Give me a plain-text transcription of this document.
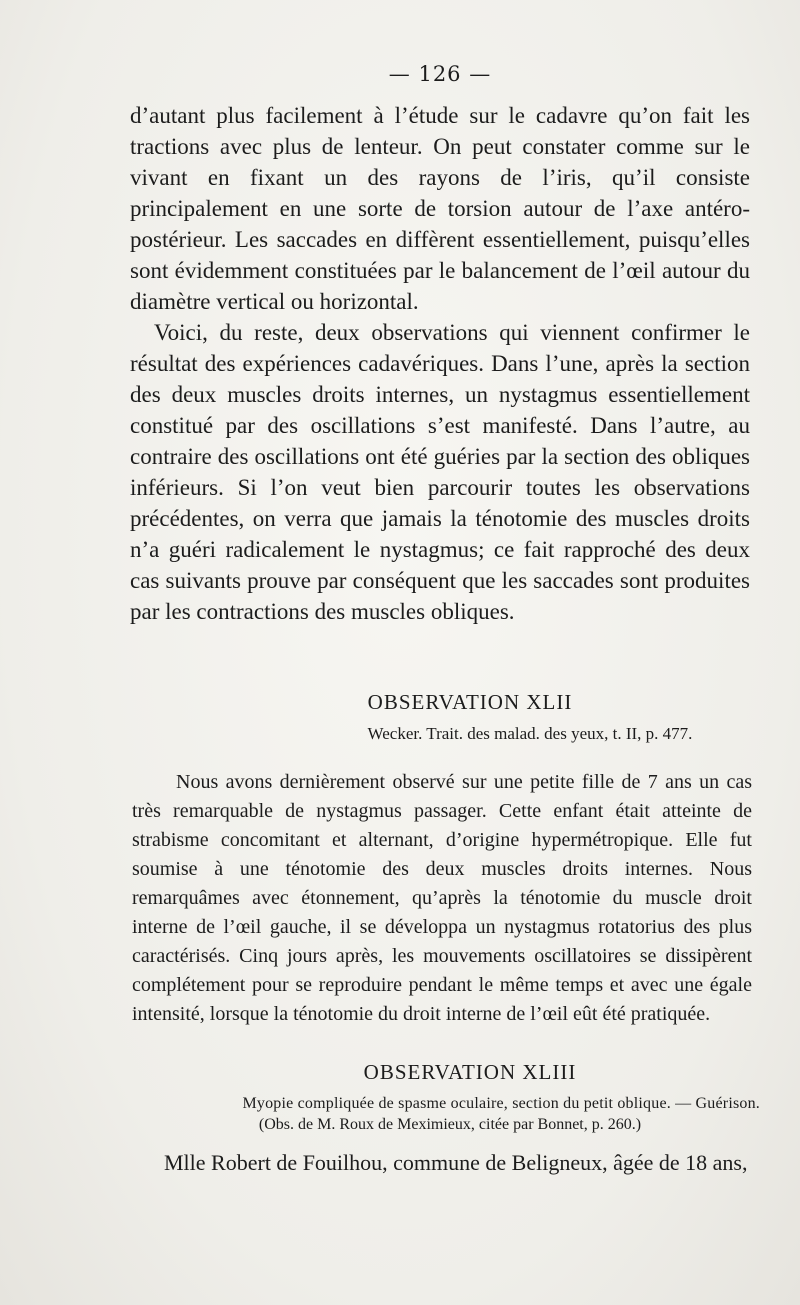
— 126 —

d’autant plus facilement à l’étude sur le cadavre qu’on fait les tractions avec plus de lenteur. On peut constater comme sur le vivant en fixant un des rayons de l’iris, qu’il consiste principalement en une sorte de torsion autour de l’axe antéro-postérieur. Les saccades en diffèrent essentiellement, puisqu’elles sont évidemment constituées par le balancement de l’œil autour du diamètre vertical ou horizontal.

Voici, du reste, deux observations qui viennent confirmer le résultat des expériences cadavériques. Dans l’une, après la section des deux muscles droits internes, un nystagmus essentiellement constitué par des oscillations s’est manifesté. Dans l’autre, au contraire des oscillations ont été guéries par la section des obliques inférieurs. Si l’on veut bien parcourir toutes les observations précédentes, on verra que jamais la ténotomie des muscles droits n’a guéri radicalement le nystagmus; ce fait rapproché des deux cas suivants prouve par conséquent que les saccades sont produites par les contractions des muscles obliques.

OBSERVATION XLII
Wecker. Trait. des malad. des yeux, t. II, p. 477.

Nous avons dernièrement observé sur une petite fille de 7 ans un cas très remarquable de nystagmus passager. Cette enfant était atteinte de strabisme concomitant et alternant, d’origine hypermétropique. Elle fut soumise à une ténotomie des deux muscles droits internes. Nous remarquâmes avec étonnement, qu’après la ténotomie du muscle droit interne de l’œil gauche, il se développa un nystagmus rotatorius des plus caractérisés. Cinq jours après, les mouvements oscillatoires se dissipèrent complétement pour se reproduire pendant le même temps et avec une égale intensité, lorsque la ténotomie du droit interne de l’œil eût été pratiquée.

OBSERVATION XLIII
Myopie compliquée de spasme oculaire, section du petit oblique. — Guérison.
(Obs. de M. Roux de Meximieux, citée par Bonnet, p. 260.)
Mlle Robert de Fouilhou, commune de Beligneux, âgée de 18 ans,
